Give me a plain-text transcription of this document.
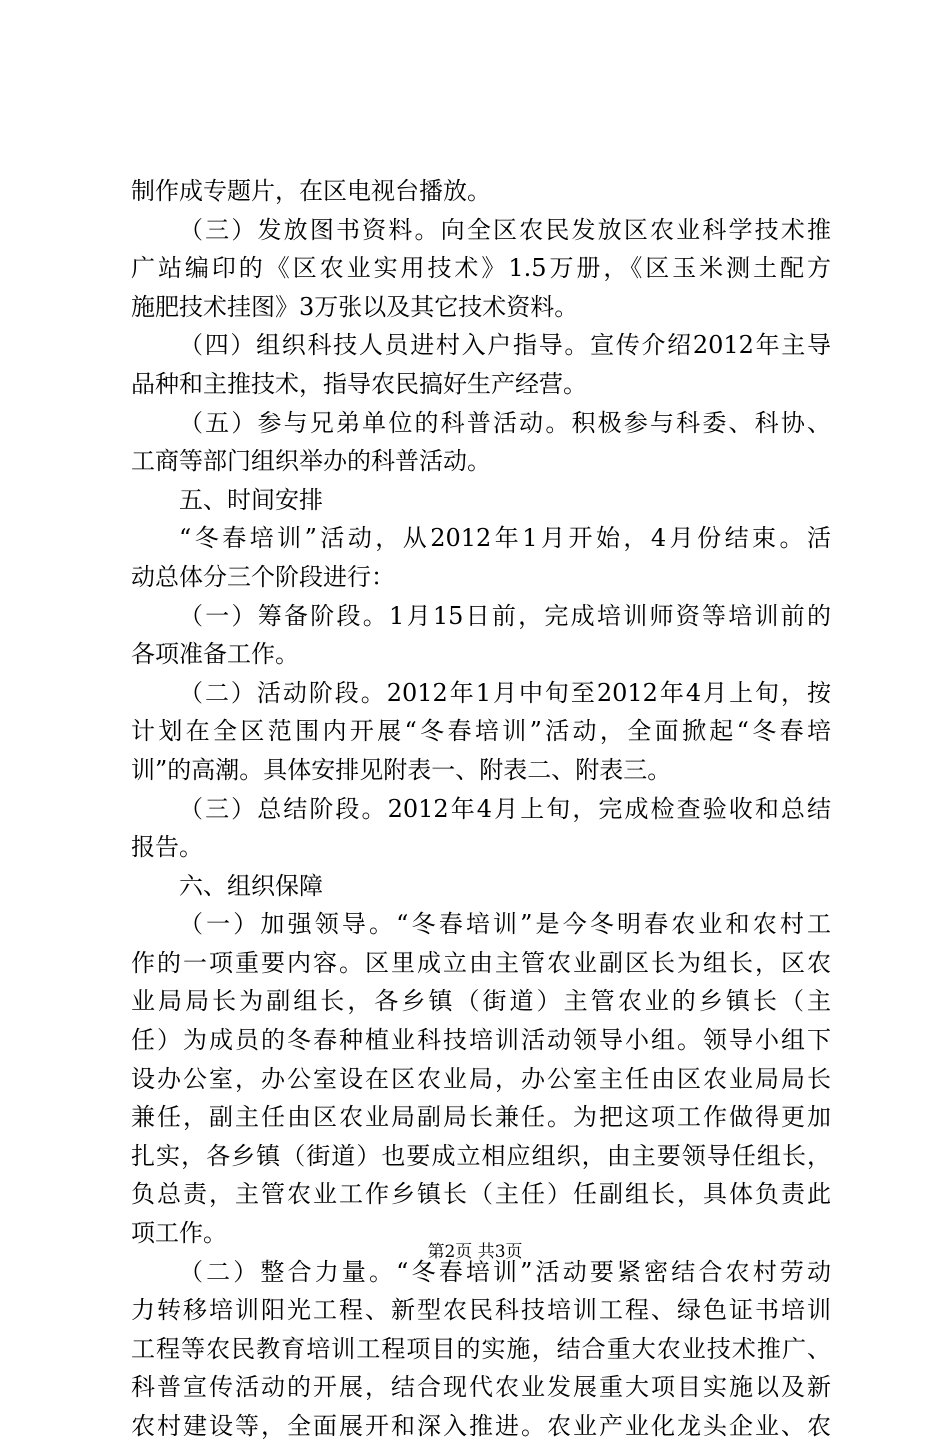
制作成专题片，在区电视台播放。
（三）发放图书资料。向全区农民发放区农业科学技术推
广站编印的《区农业实用技术》1.5万册，《区玉米测土配方
施肥技术挂图》3万张以及其它技术资料。
（四）组织科技人员进村入户指导。宣传介绍2012年主导
品种和主推技术，指导农民搞好生产经营。
（五）参与兄弟单位的科普活动。积极参与科委、科协、
工商等部门组织举办的科普活动。
五、时间安排
“冬春培训”活动，从2012年1月开始，4月份结束。活
动总体分三个阶段进行：
（一）筹备阶段。1月15日前，完成培训师资等培训前的
各项准备工作。
（二）活动阶段。2012年1月中旬至2012年4月上旬，按
计划在全区范围内开展“冬春培训”活动，全面掀起“冬春培
训”的高潮。具体安排见附表一、附表二、附表三。
（三）总结阶段。2012年4月上旬，完成检查验收和总结
报告。
六、组织保障
（一）加强领导。“冬春培训”是今冬明春农业和农村工
作的一项重要内容。区里成立由主管农业副区长为组长，区农
业局局长为副组长，各乡镇（街道）主管农业的乡镇长（主
任）为成员的冬春种植业科技培训活动领导小组。领导小组下
设办公室，办公室设在区农业局，办公室主任由区农业局局长
兼任，副主任由区农业局副局长兼任。为把这项工作做得更加
扎实，各乡镇（街道）也要成立相应组织，由主要领导任组长，
负总责，主管农业工作乡镇长（主任）任副组长，具体负责此
项工作。
（二）整合力量。“冬春培训”活动要紧密结合农村劳动
力转移培训阳光工程、新型农民科技培训工程、绿色证书培训
工程等农民教育培训工程项目的实施，结合重大农业技术推广、
科普宣传活动的开展，结合现代农业发展重大项目实施以及新
农村建设等，全面展开和深入推进。农业产业化龙头企业、农
第2页 共3页
